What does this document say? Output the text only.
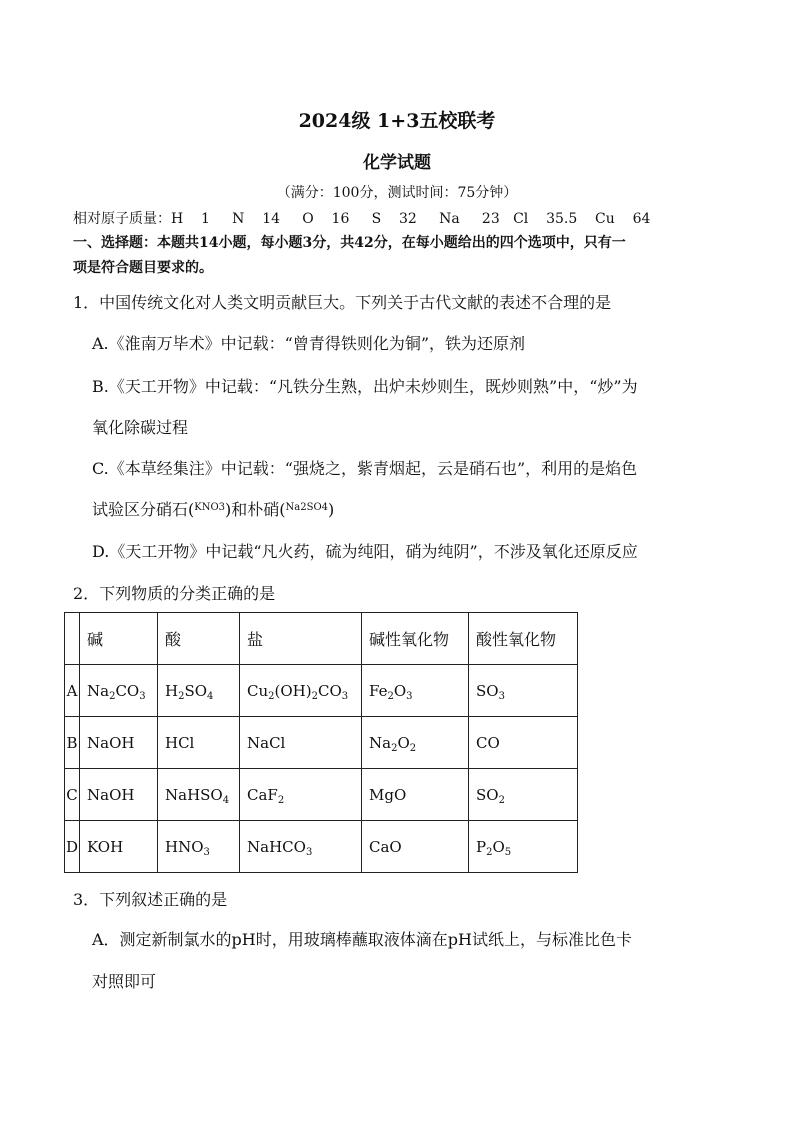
2024级 1+3五校联考
化学试题
（满分：100分，测试时间：75分钟）
相对原子质量：H    1     N    14     O    16     S    32     Na     23   Cl    35.5    Cu    64
一、选择题：本题共14小题，每小题3分，共42分，在每小题给出的四个选项中，只有一
项是符合题目要求的。
1．中国传统文化对人类文明贡献巨大。下列关于古代文献的表述不合理的是
A.《淮南万毕术》中记载：“曾青得铁则化为铜”，铁为还原剂
B.《天工开物》中记载：“凡铁分生熟，出炉未炒则生，既炒则熟”中，“炒”为
氧化除碳过程
C.《本草经集注》中记载：“强烧之，紫青烟起，云是硝石也”，利用的是焰色
试验区分硝石($^{KNO3}$)和朴硝($^{Na2SO4}$)
D.《天工开物》中记载“凡火药，硫为纯阳，硝为纯阴”，不涉及氧化还原反应
2．下列物质的分类正确的是
	碱	酸	盐	碱性氧化物	酸性氧化物
A	$Na_2CO_3$	$H_2SO_4$	$Cu_2(OH)_2CO_3$	$Fe_2O_3$	$SO_3$
B	NaOH	HCl	NaCl	$Na_2O_2$	CO
C	NaOH	NaHSO$_4$	CaF$_2$	MgO	$SO_2$
D	KOH	$HNO_3$	NaHCO$_3$	CaO	$P_2O_5$
3．下列叙述正确的是
A．测定新制氯水的pH时，用玻璃棒蘸取液体滴在pH试纸上，与标准比色卡
对照即可
